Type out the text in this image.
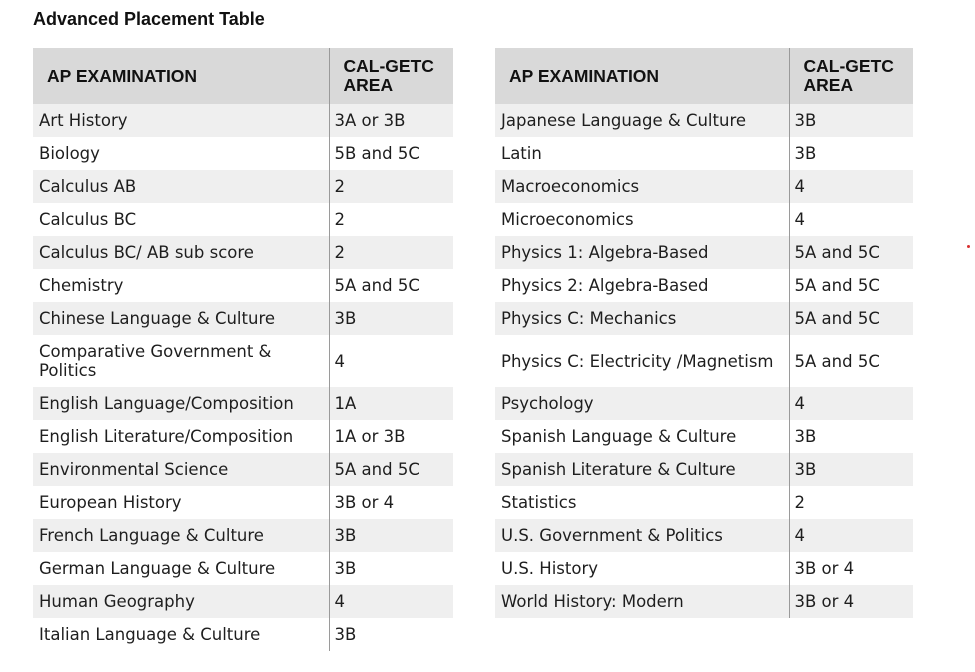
Advanced Placement Table
AP EXAMINATION	CAL-GETC AREA
Art History	3A or 3B
Biology	5B and 5C
Calculus AB	2
Calculus BC	2
Calculus BC/ AB sub score	2
Chemistry	5A and 5C
Chinese Language & Culture	3B
Comparative Government & Politics	4
English Language/Composition	1A
English Literature/Composition	1A or 3B
Environmental Science	5A and 5C
European History	3B or 4
French Language & Culture	3B
German Language & Culture	3B
Human Geography	4
Italian Language & Culture	3B
AP EXAMINATION	CAL-GETC AREA
Japanese Language & Culture	3B
Latin	3B
Macroeconomics	4
Microeconomics	4
Physics 1: Algebra-Based	5A and 5C
Physics 2: Algebra-Based	5A and 5C
Physics C: Mechanics	5A and 5C
Physics C: Electricity /Magnetism	5A and 5C
Psychology	4
Spanish Language & Culture	3B
Spanish Literature & Culture	3B
Statistics	2
U.S. Government & Politics	4
U.S. History	3B or 4
World History: Modern	3B or 4
